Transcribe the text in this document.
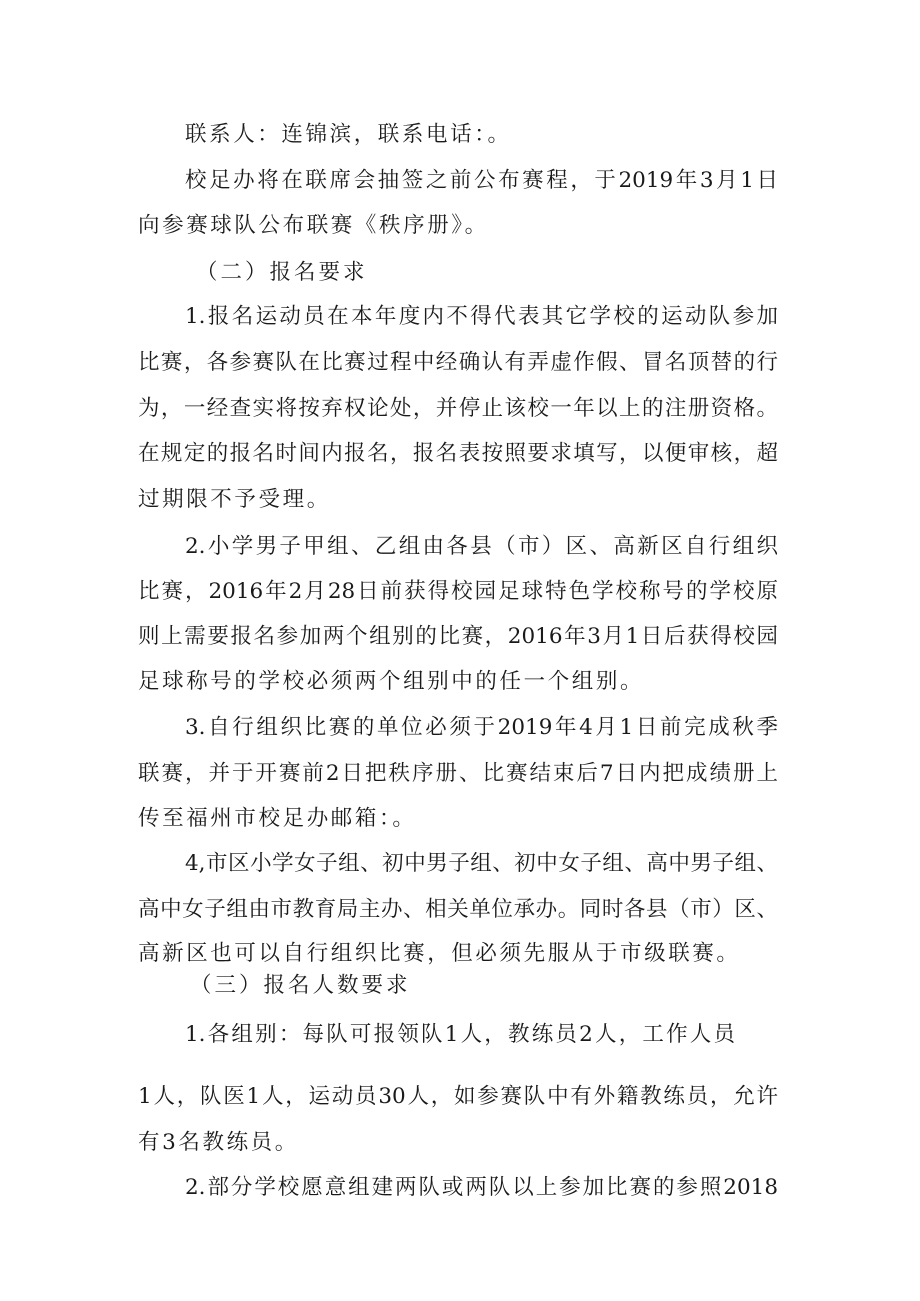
联系人：连锦滨，联系电话：。

校足办将在联席会抽签之前公布赛程，于2019年3月1日

向参赛球队公布联赛《秩序册》。

（二）报名要求

1.报名运动员在本年度内不得代表其它学校的运动队参加

比赛，各参赛队在比赛过程中经确认有弄虚作假、冒名顶替的行

为，一经查实将按弃权论处，并停止该校一年以上的注册资格。

在规定的报名时间内报名，报名表按照要求填写，以便审核，超

过期限不予受理。

2.小学男子甲组、乙组由各县（市）区、高新区自行组织

比赛，2016年2月28日前获得校园足球特色学校称号的学校原

则上需要报名参加两个组别的比赛，2016年3月1日后获得校园

足球称号的学校必须两个组别中的任一个组别。

3.自行组织比赛的单位必须于2019年4月1日前完成秋季

联赛，并于开赛前2日把秩序册、比赛结束后7日内把成绩册上

传至福州市校足办邮箱：。

4,市区小学女子组、初中男子组、初中女子组、高中男子组、

高中女子组由市教育局主办、相关单位承办。同时各县（市）区、

高新区也可以自行组织比赛，但必须先服从于市级联赛。

（三）报名人数要求

1.各组别：每队可报领队1人，教练员2人，工作人员

1人，队医1人，运动员30人，如参赛队中有外籍教练员，允许

有3名教练员。

2.部分学校愿意组建两队或两队以上参加比赛的参照2018
